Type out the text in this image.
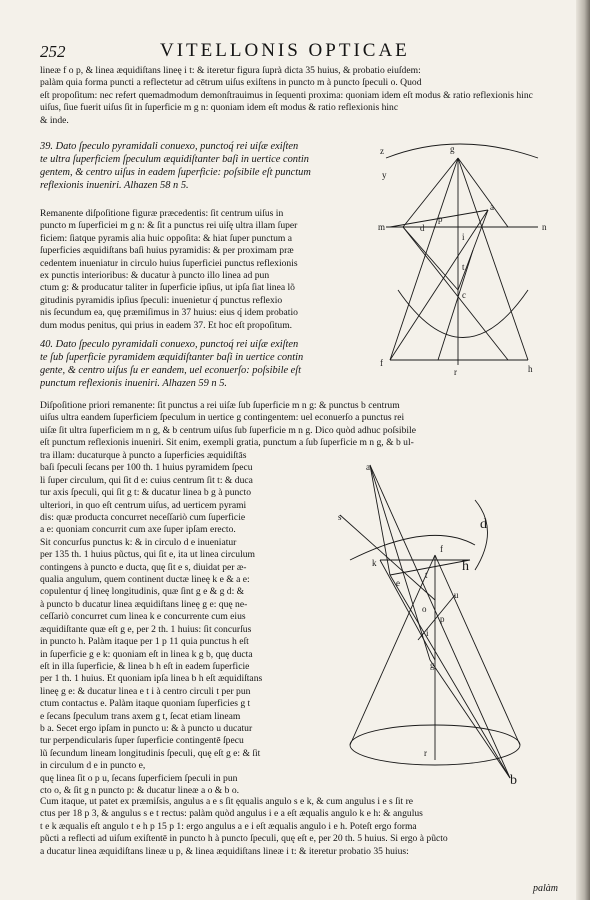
252	VITELLONIS OPTICAE
lineæ f o p, & linea æquidiſtans lineę i t: & iteretur figura ſuprà dicta 35 huius, & probatio eiuſdem:
palàm quia forma puncti a reflectetur ad cētrum uiſus exiſtens in puncto m à puncto ſpeculi o. Quod
eſt propoſitum: nec refert quemadmodum demonſtrauimus in ſequenti proxima: quoniam idem eſt modus & ratio reflexionis hinc
uiſus, ſiue fuerit uiſus ſit in ſuperficie m g n: quoniam idem eſt modus & ratio reflexionis hinc
& inde.
39. Dato ſpeculo pyramidali conuexo, punctoq́ rei uiſæ exiſten
te ultra ſuperficiem ſpeculum æquidiſtanter baſi in uertice contin
gentem, & centro uiſus in eadem ſuperficie: poſsibile eſt punctum
reflexionis inueniri. Alhazen 58 n 5.
Remanente diſpoſitione figuræ præcedentis: ſit centrum uiſus in
puncto m ſuperficiei m g n: & ſit a punctus rei uiſę ultra illam ſuper
ficiem: ſiatque pyramis alia huic oppoſita: & hiat ſuper punctum a
ſuperficies æquidiſtans baſi huius pyramidis: & per proximam præ
cedentem inueniatur in circulo huius ſuperficiei punctus reflexionis
ex punctis interioribus: & ducatur à puncto illo linea ad pun
ctum g: & producatur taliter in ſuperficie ipſius, ut ipſa ſiat linea lõ
gitudinis pyramidis ipſius ſpeculi: inuenietur q́ punctus reflexio
nis ſecundum ea, quę præmiſimus in 37 huius: eius q́ idem probatio
dum modus penitus, qui prius in eadem 37. Et hoc eſt propoſitum.
40. Dato ſpeculo pyramidali conuexo, punctoq́ rei uiſæ exiſten
te ſub ſuperficie pyramidem æquidiſtanter baſi in uertice contin
gente, & centro uiſus ſu er eandem, uel econuerſo: poſsibile eſt
punctum reflexionis inueniri. Alhazen 59 n 5.
g
z
y
p
a
m	n
d
i
t
c
f
r	h
Diſpoſitione priori remanente: ſit punctus a rei uiſæ ſub ſuperficie m n g: & punctus b centrum
uiſus ultra eandem ſuperficiem ſpeculum in uertice g contingentem: uel econuerſo a punctus rei
uiſæ ſit ultra ſuperficiem m n g, & b centrum uiſus ſub ſuperficie m n g. Dico quòd adhuc poſsibile
eſt punctum reflexionis inueniri. Sit enim, exempli gratia, punctum a ſub ſuperficie m n g, & b ul-
tra illam: ducaturque à puncto a ſuperficies æquidiſtās
baſi ſpeculi ſecans per 100 th. 1 huius pyramidem ſpecu
li ſuper circulum, qui ſit d e: cuius centrum ſit t: & duca
tur axis ſpeculi, qui ſit g t: & ducatur linea b g à puncto
ulteriori, in quo eſt centrum uiſus, ad uerticem pyrami
dis: quæ producta concurret neceſſariò cum ſuperficie
a e: quoniam concurrit cum axe ſuper ipſam erecto.
Sit concurſus punctus k: & in circulo d e inueniatur
per 135 th. 1 huius pũctus, qui ſit e, ita ut linea circulum
contingens à puncto e ducta, quę ſit e s, diuidat per æ-
qualia angulum, quem continent ductæ lineę k e & a e:
copulentur q́ lineę longitudinis, quæ ſint g e & g d: &
à puncto b ducatur linea æquidiſtans lineę g e: quę ne-
ceſſariò concurret cum linea k e concurrente cum eius
æquidiſtante quæ eſt g e, per 2 th. 1 huius: ſit concurſus
in puncto h. Palàm itaque per 1 p 11 quia punctus h eſt
in ſuperficie g e k: quoniam eſt in linea k g b, quę ducta
eſt in illa ſuperficie, & linea b h eſt in eadem ſuperficie
per 1 th. 1 huius. Et quoniam ipſa linea b h eſt æquidiſtans
lineę g e: & ducatur linea e t i à centro circuli t per pun
ctum contactus e. Palàm itaque quoniam ſuperficies g t
e ſecans ſpeculum trans axem g t, ſecat etiam lineam
b a. Secet ergo ipſam in puncto u: & à puncto u ducatur
tur perpendicularis ſuper ſuperficie contingentē ſpecu
lũ ſecundum lineam longitudinis ſpeculi, quę eſt g e: & ſit
in circulum d e in puncto e,
quę linea ſit o p u, ſecans ſuperficiem ſpeculi in pun
cto o, & ſit g n puncto p: & ducatur lineæ a o & b o.
a
s	d
f
k
e
h
t
o
u
p
i
g
r
b
Cum itaque, ut patet ex præmiſsis, angulus a e s ſit ęqualis angulo s e k, & cum angulus i e s ſit re
ctus per 18 p 3, & angulus s e t rectus: palàm quòd angulus i e a eſt æqualis angulo k e h: & angulus
t e k æqualis eſt angulo t e h p 15 p 1: ergo angulus a e i eſt æqualis angulo i e h. Poteſt ergo forma
pũcti a reflecti ad uiſum exiſtentē in puncto h à puncto ſpeculi, quę eſt e, per 20 th. 5 huius. Si ergo à pũcto
a ducatur linea æquidiſtans lineæ u p, & linea æquidiſtans lineæ i t: & iteretur probatio 35 huius:
palàm
